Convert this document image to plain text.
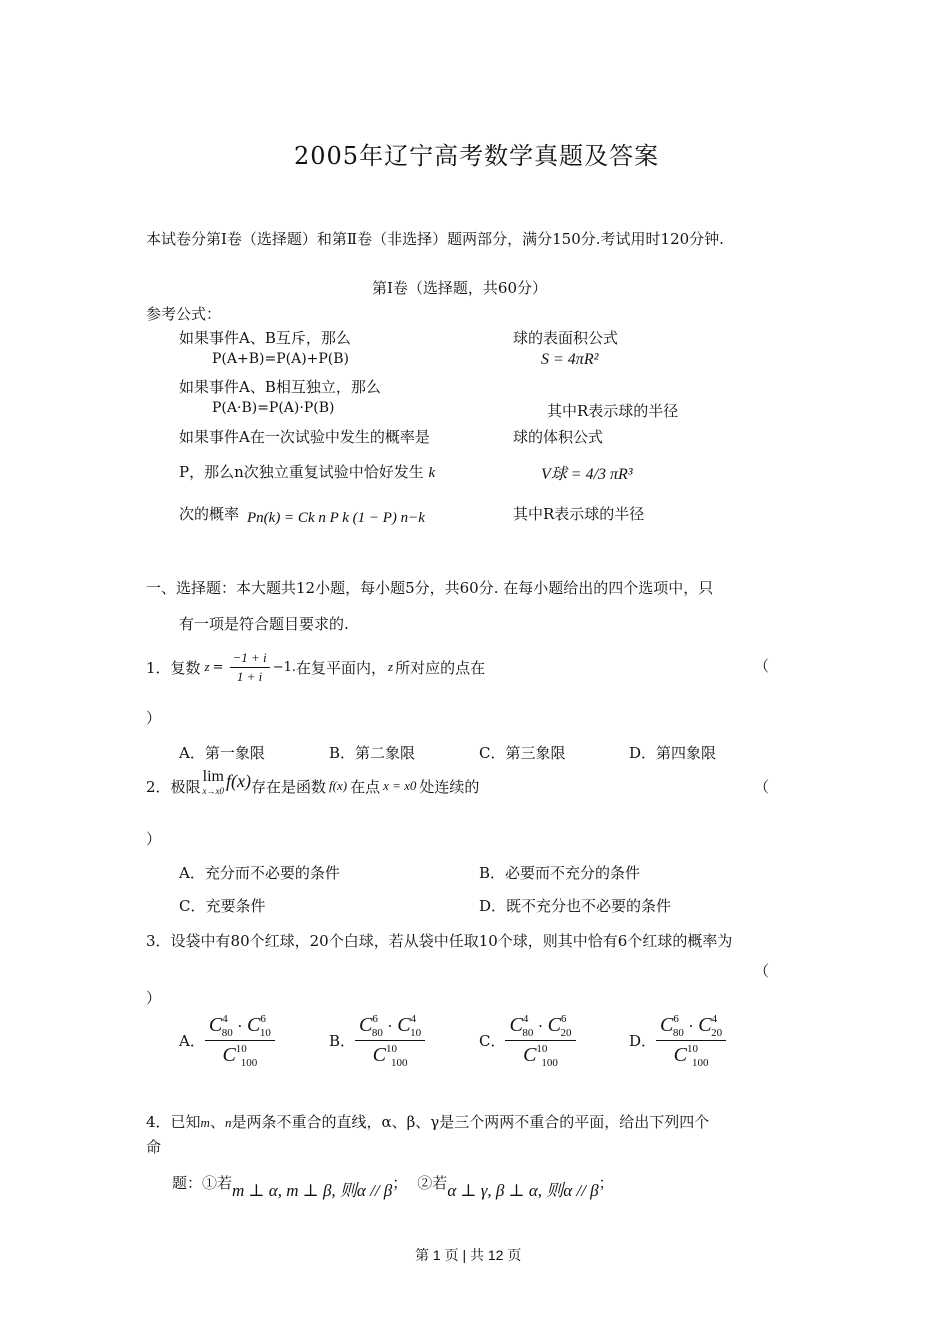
2005年辽宁高考数学真题及答案
本试卷分第Ⅰ卷（选择题）和第Ⅱ卷（非选择）题两部分，满分150分.考试用时120分钟.
第Ⅰ卷（选择题，共60分）
参考公式：
如果事件A、B互斥，那么
P(A+B)=P(A)+P(B)
如果事件A、B相互独立，那么
P(A·B)=P(A)·P(B)
如果事件A在一次试验中发生的概率是
P，那么n次独立重复试验中恰好发生 k
次的概率 Pn(k) = Ck n P k (1 − P) n−k
球的表面积公式
S = 4πR²
其中R表示球的半径
球的体积公式
V球 = 4/3 πR³
其中R表示球的半径
一、选择题：本大题共12小题，每小题5分，共60分. 在每小题给出的四个选项中，只
有一项是符合题目要求的.
1．复数 $z = \frac{-1 + i}{1 + i} -1$. 在复平面内， z 所对应的点在	（
）
A．第一象限	B．第二象限	C．第三象限	D．第四象限
2．极限
lim
x→x0 f(x) 存在是函数 f(x) 在点 x = x0 处连续的	（
）
A．充分而不必要的条件	B．必要而不充分的条件
C．充要条件	D．既不充分也不必要的条件
3．设袋中有80个红球，20个白球，若从袋中任取10个球，则其中恰有6个红球的概率为
（
）
A． $\frac{C^4_{80} \cdot C^6_{10}}{C^{10}_{100}}$	B． $\frac{C^6_{80} \cdot C^4_{10}}{C^{10}_{100}}$	C． $\frac{C^4_{80} \cdot C^6_{20}}{C^{10}_{100}}$	D． $\frac{C^6_{80} \cdot C^4_{20}}{C^{10}_{100}}$
4．已知m、n是两条不重合的直线，α、β、γ是三个两两不重合的平面，给出下列四个
命
题：①若 m ⊥ α, m ⊥ β, 则α // β ； ②若 α ⊥ γ, β ⊥ α, 则α // β ；
第 1 页 | 共 12 页
